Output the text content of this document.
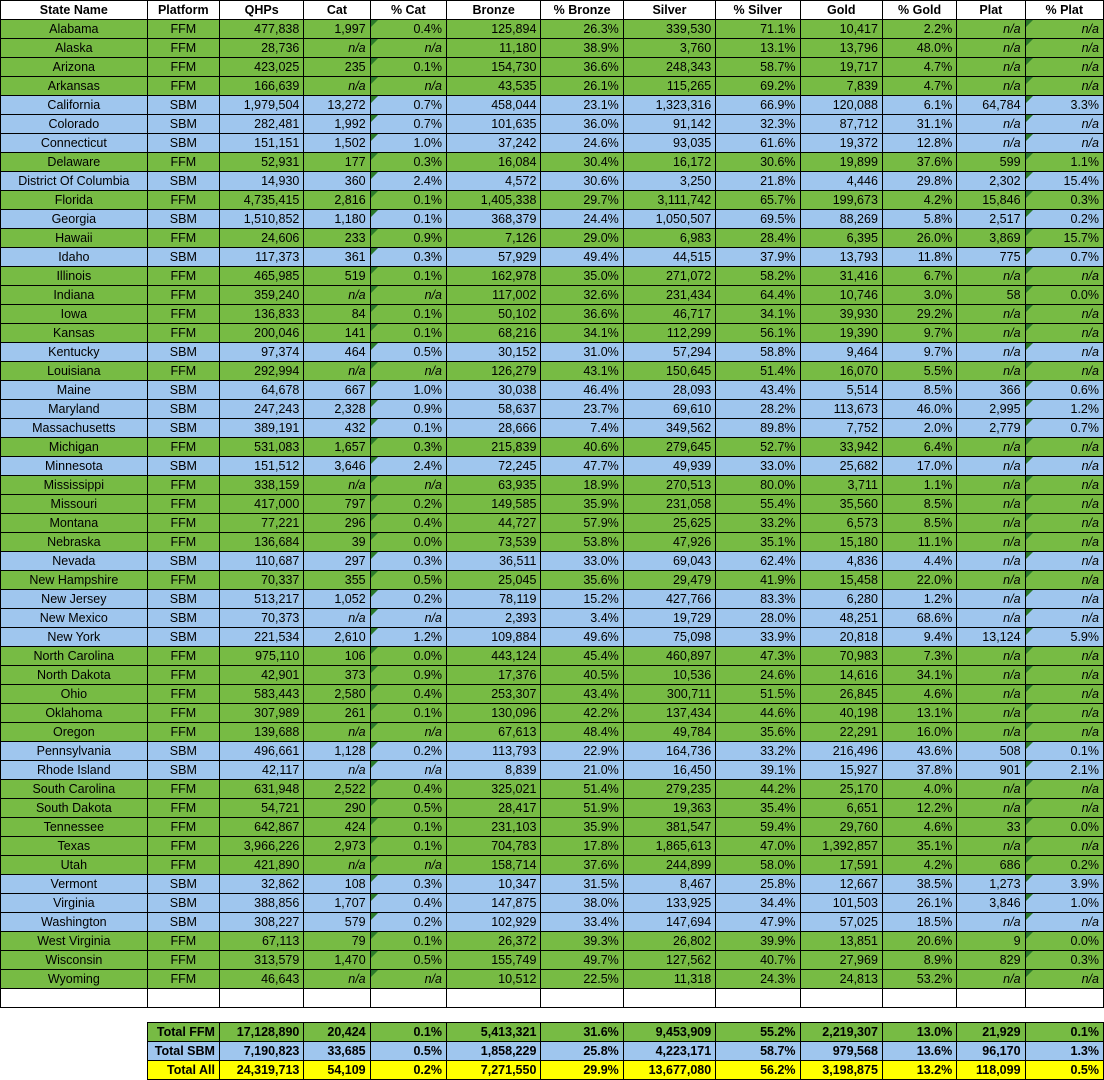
State Name	Platform	QHPs	Cat	% Cat	Bronze	% Bronze	Silver	% Silver	Gold	% Gold	Plat	% Plat
Alabama	FFM	477,838	1,997	0.4%	125,894	26.3%	339,530	71.1%	10,417	2.2%	n/a	n/a
Alaska	FFM	28,736	n/a	n/a	11,180	38.9%	3,760	13.1%	13,796	48.0%	n/a	n/a
Arizona	FFM	423,025	235	0.1%	154,730	36.6%	248,343	58.7%	19,717	4.7%	n/a	n/a
Arkansas	FFM	166,639	n/a	n/a	43,535	26.1%	115,265	69.2%	7,839	4.7%	n/a	n/a
California	SBM	1,979,504	13,272	0.7%	458,044	23.1%	1,323,316	66.9%	120,088	6.1%	64,784	3.3%
Colorado	SBM	282,481	1,992	0.7%	101,635	36.0%	91,142	32.3%	87,712	31.1%	n/a	n/a
Connecticut	SBM	151,151	1,502	1.0%	37,242	24.6%	93,035	61.6%	19,372	12.8%	n/a	n/a
Delaware	FFM	52,931	177	0.3%	16,084	30.4%	16,172	30.6%	19,899	37.6%	599	1.1%
District Of Columbia	SBM	14,930	360	2.4%	4,572	30.6%	3,250	21.8%	4,446	29.8%	2,302	15.4%
Florida	FFM	4,735,415	2,816	0.1%	1,405,338	29.7%	3,111,742	65.7%	199,673	4.2%	15,846	0.3%
Georgia	SBM	1,510,852	1,180	0.1%	368,379	24.4%	1,050,507	69.5%	88,269	5.8%	2,517	0.2%
Hawaii	FFM	24,606	233	0.9%	7,126	29.0%	6,983	28.4%	6,395	26.0%	3,869	15.7%
Idaho	SBM	117,373	361	0.3%	57,929	49.4%	44,515	37.9%	13,793	11.8%	775	0.7%
Illinois	FFM	465,985	519	0.1%	162,978	35.0%	271,072	58.2%	31,416	6.7%	n/a	n/a
Indiana	FFM	359,240	n/a	n/a	117,002	32.6%	231,434	64.4%	10,746	3.0%	58	0.0%
Iowa	FFM	136,833	84	0.1%	50,102	36.6%	46,717	34.1%	39,930	29.2%	n/a	n/a
Kansas	FFM	200,046	141	0.1%	68,216	34.1%	112,299	56.1%	19,390	9.7%	n/a	n/a
Kentucky	SBM	97,374	464	0.5%	30,152	31.0%	57,294	58.8%	9,464	9.7%	n/a	n/a
Louisiana	FFM	292,994	n/a	n/a	126,279	43.1%	150,645	51.4%	16,070	5.5%	n/a	n/a
Maine	SBM	64,678	667	1.0%	30,038	46.4%	28,093	43.4%	5,514	8.5%	366	0.6%
Maryland	SBM	247,243	2,328	0.9%	58,637	23.7%	69,610	28.2%	113,673	46.0%	2,995	1.2%
Massachusetts	SBM	389,191	432	0.1%	28,666	7.4%	349,562	89.8%	7,752	2.0%	2,779	0.7%
Michigan	FFM	531,083	1,657	0.3%	215,839	40.6%	279,645	52.7%	33,942	6.4%	n/a	n/a
Minnesota	SBM	151,512	3,646	2.4%	72,245	47.7%	49,939	33.0%	25,682	17.0%	n/a	n/a
Mississippi	FFM	338,159	n/a	n/a	63,935	18.9%	270,513	80.0%	3,711	1.1%	n/a	n/a
Missouri	FFM	417,000	797	0.2%	149,585	35.9%	231,058	55.4%	35,560	8.5%	n/a	n/a
Montana	FFM	77,221	296	0.4%	44,727	57.9%	25,625	33.2%	6,573	8.5%	n/a	n/a
Nebraska	FFM	136,684	39	0.0%	73,539	53.8%	47,926	35.1%	15,180	11.1%	n/a	n/a
Nevada	SBM	110,687	297	0.3%	36,511	33.0%	69,043	62.4%	4,836	4.4%	n/a	n/a
New Hampshire	FFM	70,337	355	0.5%	25,045	35.6%	29,479	41.9%	15,458	22.0%	n/a	n/a
New Jersey	SBM	513,217	1,052	0.2%	78,119	15.2%	427,766	83.3%	6,280	1.2%	n/a	n/a
New Mexico	SBM	70,373	n/a	n/a	2,393	3.4%	19,729	28.0%	48,251	68.6%	n/a	n/a
New York	SBM	221,534	2,610	1.2%	109,884	49.6%	75,098	33.9%	20,818	9.4%	13,124	5.9%
North Carolina	FFM	975,110	106	0.0%	443,124	45.4%	460,897	47.3%	70,983	7.3%	n/a	n/a
North Dakota	FFM	42,901	373	0.9%	17,376	40.5%	10,536	24.6%	14,616	34.1%	n/a	n/a
Ohio	FFM	583,443	2,580	0.4%	253,307	43.4%	300,711	51.5%	26,845	4.6%	n/a	n/a
Oklahoma	FFM	307,989	261	0.1%	130,096	42.2%	137,434	44.6%	40,198	13.1%	n/a	n/a
Oregon	FFM	139,688	n/a	n/a	67,613	48.4%	49,784	35.6%	22,291	16.0%	n/a	n/a
Pennsylvania	SBM	496,661	1,128	0.2%	113,793	22.9%	164,736	33.2%	216,496	43.6%	508	0.1%
Rhode Island	SBM	42,117	n/a	n/a	8,839	21.0%	16,450	39.1%	15,927	37.8%	901	2.1%
South Carolina	FFM	631,948	2,522	0.4%	325,021	51.4%	279,235	44.2%	25,170	4.0%	n/a	n/a
South Dakota	FFM	54,721	290	0.5%	28,417	51.9%	19,363	35.4%	6,651	12.2%	n/a	n/a
Tennessee	FFM	642,867	424	0.1%	231,103	35.9%	381,547	59.4%	29,760	4.6%	33	0.0%
Texas	FFM	3,966,226	2,973	0.1%	704,783	17.8%	1,865,613	47.0%	1,392,857	35.1%	n/a	n/a
Utah	FFM	421,890	n/a	n/a	158,714	37.6%	244,899	58.0%	17,591	4.2%	686	0.2%
Vermont	SBM	32,862	108	0.3%	10,347	31.5%	8,467	25.8%	12,667	38.5%	1,273	3.9%
Virginia	SBM	388,856	1,707	0.4%	147,875	38.0%	133,925	34.4%	101,503	26.1%	3,846	1.0%
Washington	SBM	308,227	579	0.2%	102,929	33.4%	147,694	47.9%	57,025	18.5%	n/a	n/a
West Virginia	FFM	67,113	79	0.1%	26,372	39.3%	26,802	39.9%	13,851	20.6%	9	0.0%
Wisconsin	FFM	313,579	1,470	0.5%	155,749	49.7%	127,562	40.7%	27,969	8.9%	829	0.3%
Wyoming	FFM	46,643	n/a	n/a	10,512	22.5%	11,318	24.3%	24,813	53.2%	n/a	n/a

	Total FFM	17,128,890	20,424	0.1%	5,413,321	31.6%	9,453,909	55.2%	2,219,307	13.0%	21,929	0.1%
	Total SBM	7,190,823	33,685	0.5%	1,858,229	25.8%	4,223,171	58.7%	979,568	13.6%	96,170	1.3%
	Total All	24,319,713	54,109	0.2%	7,271,550	29.9%	13,677,080	56.2%	3,198,875	13.2%	118,099	0.5%
